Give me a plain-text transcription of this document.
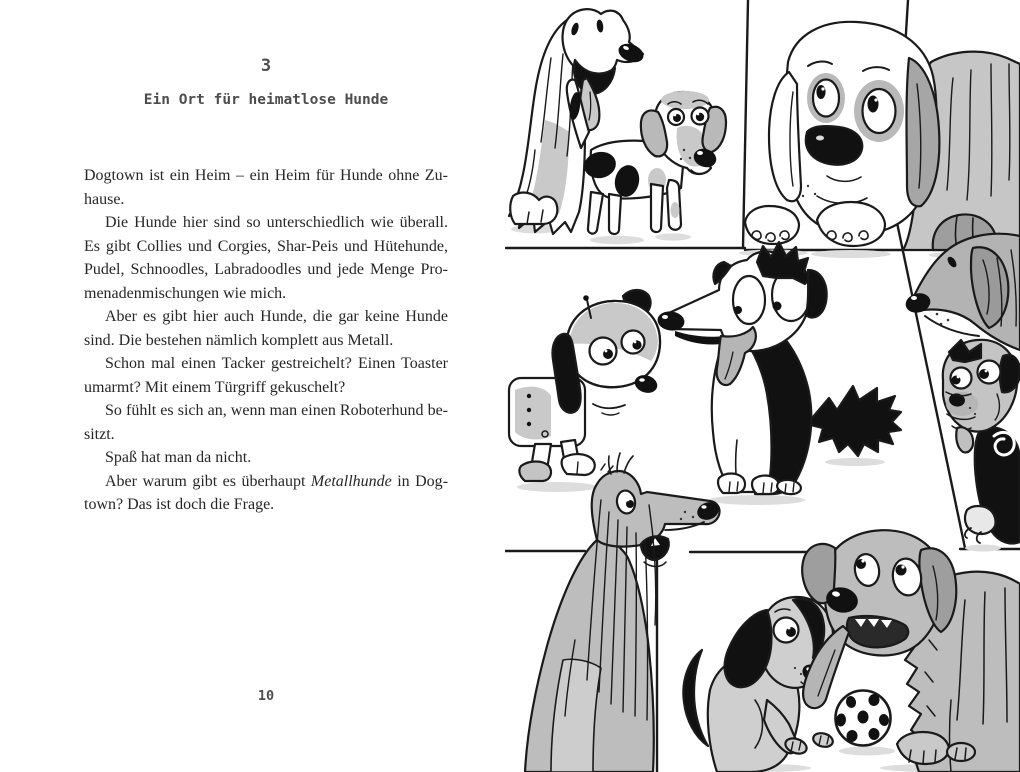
3
Ein Ort für heimatlose Hunde

Dogtown ist ein Heim – ein Heim für Hunde ohne Zuhause.

Die Hunde hier sind so unterschiedlich wie überall. Es gibt Collies und Corgies, Shar-Peis und Hütehunde, Pudel, Schnoodles, Labradoodles und jede Menge Promenadenmischungen wie mich.

Aber es gibt hier auch Hunde, die gar keine Hunde sind. Die bestehen nämlich komplett aus Metall.

Schon mal einen Tacker gestreichelt? Einen Toaster umarmt? Mit einem Türgriff gekuschelt?

So fühlt es sich an, wenn man einen Roboterhund besitzt.

Spaß hat man da nicht.

Aber warum gibt es überhaupt Metallhunde in Dogtown? Das ist doch die Frage.

10
